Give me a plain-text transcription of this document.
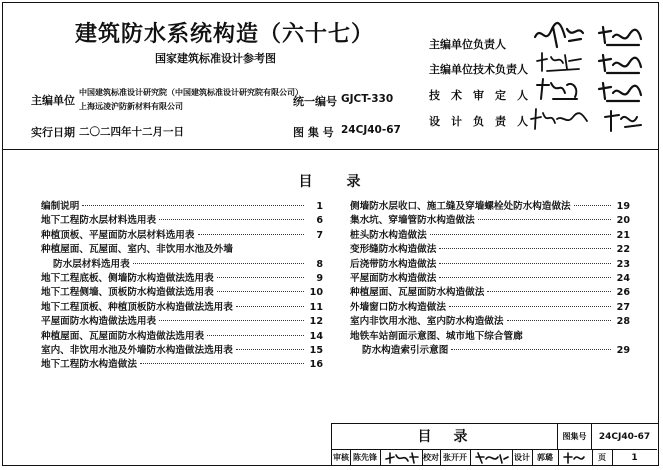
建筑防水系统构造（六十七）
国家建筑标准设计参考图
主编单位
中国建筑标准设计研究院（中国建筑标准设计研究院有限公司）
上海远凌沪防新材料有限公司	统一编号 GJCT-330
实行日期 二〇二四年十二月一日	图 集 号 24CJ40-67
主编单位负责人
主编单位技术负责人
技　术　审　定　人
设　计　负　责　人
目　　录
编制说明	1
地下工程防水层材料选用表	6
种植顶板、平屋面防水层材料选用表	7
种植屋面、瓦屋面、室内、非饮用水池及外墙
防水层材料选用表	8
地下工程底板、侧墙防水构造做法选用表	9
地下工程侧墙、顶板防水构造做法选用表	10
地下工程顶板、种植顶板防水构造做法选用表	11
平屋面防水构造做法选用表	12
种植屋面、瓦屋面防水构造做法选用表	14
室内、非饮用水池及外墙防水构造做法选用表	15
地下工程防水构造做法	16
侧墙防水层收口、施工缝及穿墙螺栓处防水构造做法	19
集水坑、穿墙管防水构造做法	20
桩头防水构造做法	21
变形缝防水构造做法	22
后浇带防水构造做法	23
平屋面防水构造做法	24
种植屋面、瓦屋面防水构造做法	26
外墙窗口防水构造做法	27
室内非饮用水池、室内防水构造做法	28
地铁车站剖面示意图、城市地下综合管廊
防水构造索引示意图	29
目　录	图集号	24CJ40-67
审核 陈先锋	校对 张开开	设计 郭璐	页	1
